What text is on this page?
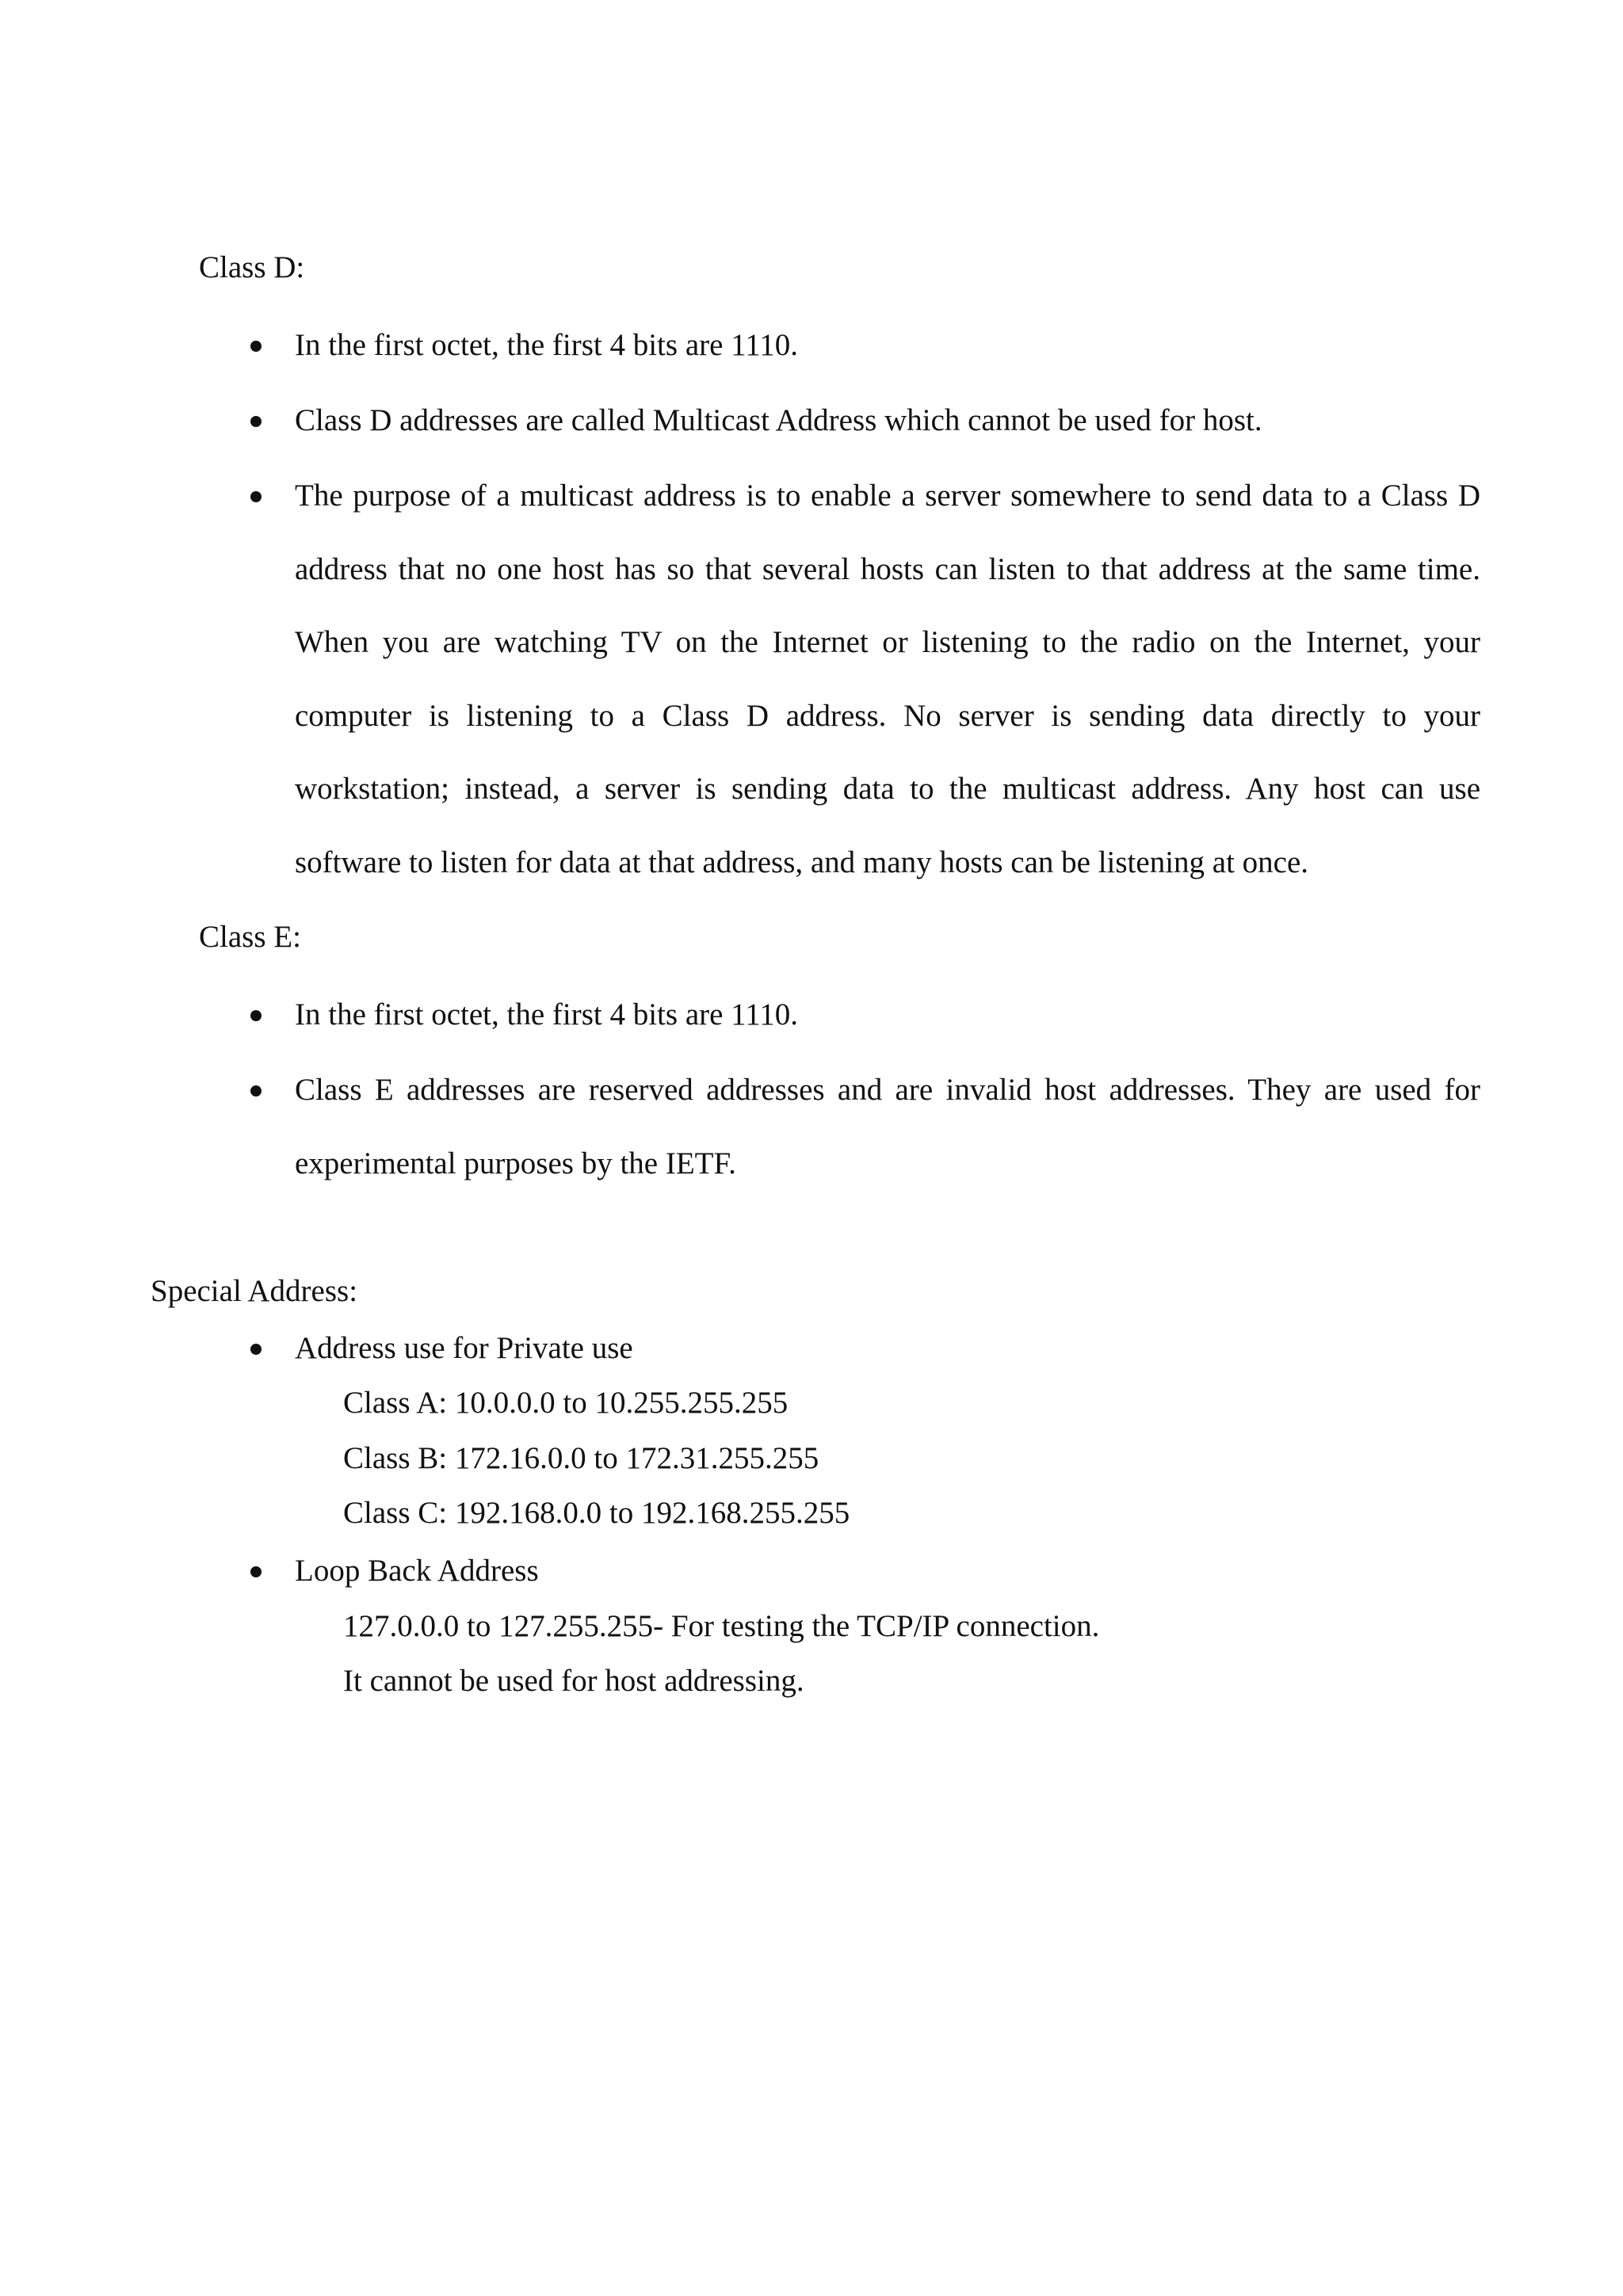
Class D:

In the first octet, the first 4 bits are 1110.

Class D addresses are called Multicast Address which cannot be used for host.

The purpose of a multicast address is to enable a server somewhere to send data to a Class D address that no one host has so that several hosts can listen to that address at the same time. When you are watching TV on the Internet or listening to the radio on the Internet, your computer is listening to a Class D address. No server is sending data directly to your workstation; instead, a server is sending data to the multicast address. Any host can use software to listen for data at that address, and many hosts can be listening at once.

Class E:

In the first octet, the first 4 bits are 1110.

Class E addresses are reserved addresses and are invalid host addresses. They are used for experimental purposes by the IETF.

Special Address:

Address use for Private use

Class A: 10.0.0.0 to 10.255.255.255

Class B: 172.16.0.0 to 172.31.255.255

Class C: 192.168.0.0 to 192.168.255.255

Loop Back Address

127.0.0.0 to 127.255.255- For testing the TCP/IP connection.

It cannot be used for host addressing.
